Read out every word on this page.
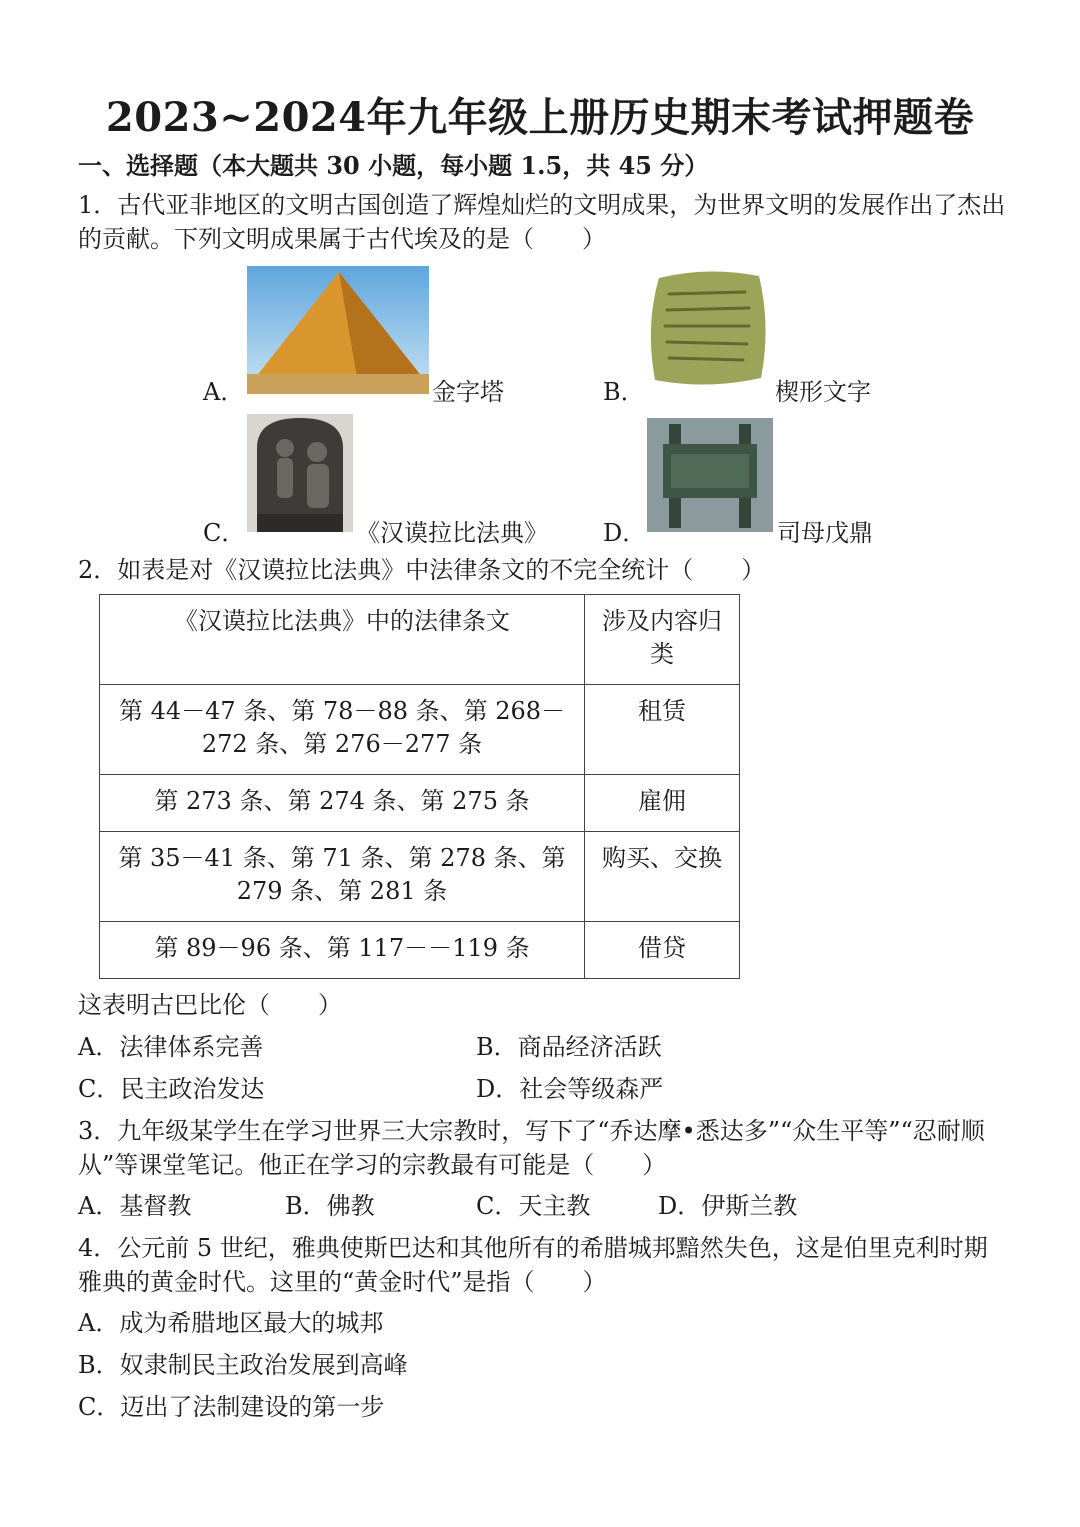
2023~2024年九年级上册历史期末考试押题卷
一、选择题（本大题共 30 小题，每小题 1.5，共 45 分）
1．古代亚非地区的文明古国创造了辉煌灿烂的文明成果，为世界文明的发展作出了杰出的贡献。下列文明成果属于古代埃及的是（　　）
A．	金字塔	B．	楔形文字
C．	《汉谟拉比法典》 D．	司母戊鼎
2．如表是对《汉谟拉比法典》中法律条文的不完全统计（　　）
《汉谟拉比法典》中的法律条文	涉及内容归类
第 44－47 条、第 78－88 条、第 268－272 条、第 276－277 条	租赁
第 273 条、第 274 条、第 275 条	雇佣
第 35－41 条、第 71 条、第 278 条、第 279 条、第 281 条	购买、交换
第 89－96 条、第 117－－119 条	借贷
这表明古巴比伦（　　）
A．法律体系完善	B．商品经济活跃
C．民主政治发达	D．社会等级森严
3．九年级某学生在学习世界三大宗教时，写下了“乔达摩•悉达多”“众生平等”“忍耐顺从”等课堂笔记。他正在学习的宗教最有可能是（　　）
A．基督教	B．佛教	C．天主教	D．伊斯兰教
4．公元前 5 世纪，雅典使斯巴达和其他所有的希腊城邦黯然失色，这是伯里克利时期雅典的黄金时代。这里的“黄金时代”是指（　　）
A．成为希腊地区最大的城邦
B．奴隶制民主政治发展到高峰
C．迈出了法制建设的第一步
